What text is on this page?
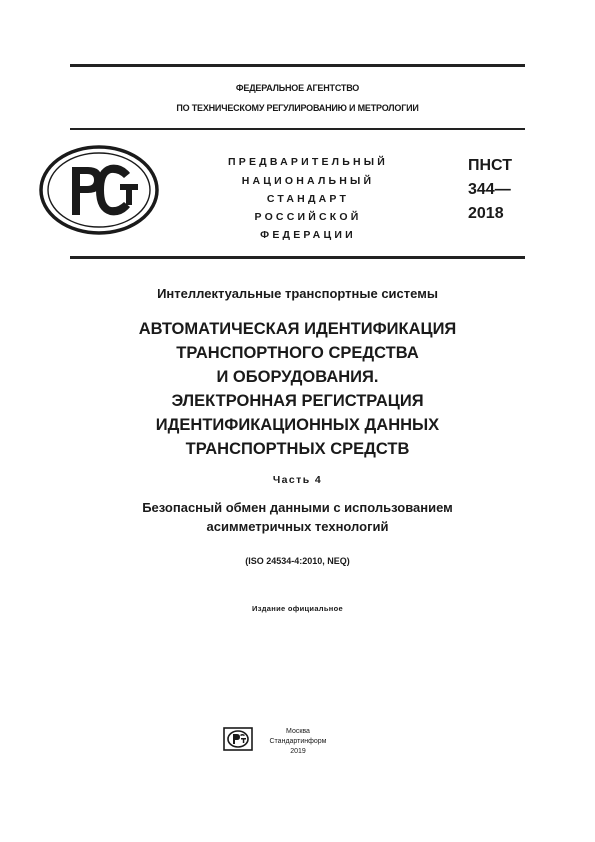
ФЕДЕРАЛЬНОЕ АГЕНТСТВО
ПО ТЕХНИЧЕСКОМУ РЕГУЛИРОВАНИЮ И МЕТРОЛОГИИ
ПРЕДВАРИТЕЛЬНЫЙ
НАЦИОНАЛЬНЫЙ
СТАНДАРТ
РОССИЙСКОЙ
ФЕДЕРАЦИИ
ПНСТ
344—
2018
Интеллектуальные транспортные системы
АВТОМАТИЧЕСКАЯ ИДЕНТИФИКАЦИЯ
ТРАНСПОРТНОГО СРЕДСТВА
И ОБОРУДОВАНИЯ.
ЭЛЕКТРОННАЯ РЕГИСТРАЦИЯ
ИДЕНТИФИКАЦИОННЫХ ДАННЫХ
ТРАНСПОРТНЫХ СРЕДСТВ
Часть 4
Безопасный обмен данными с использованием
асимметричных технологий
(ISO 24534-4:2010, NEQ)
Издание официальное
Москва
Стандартинформ
2019
